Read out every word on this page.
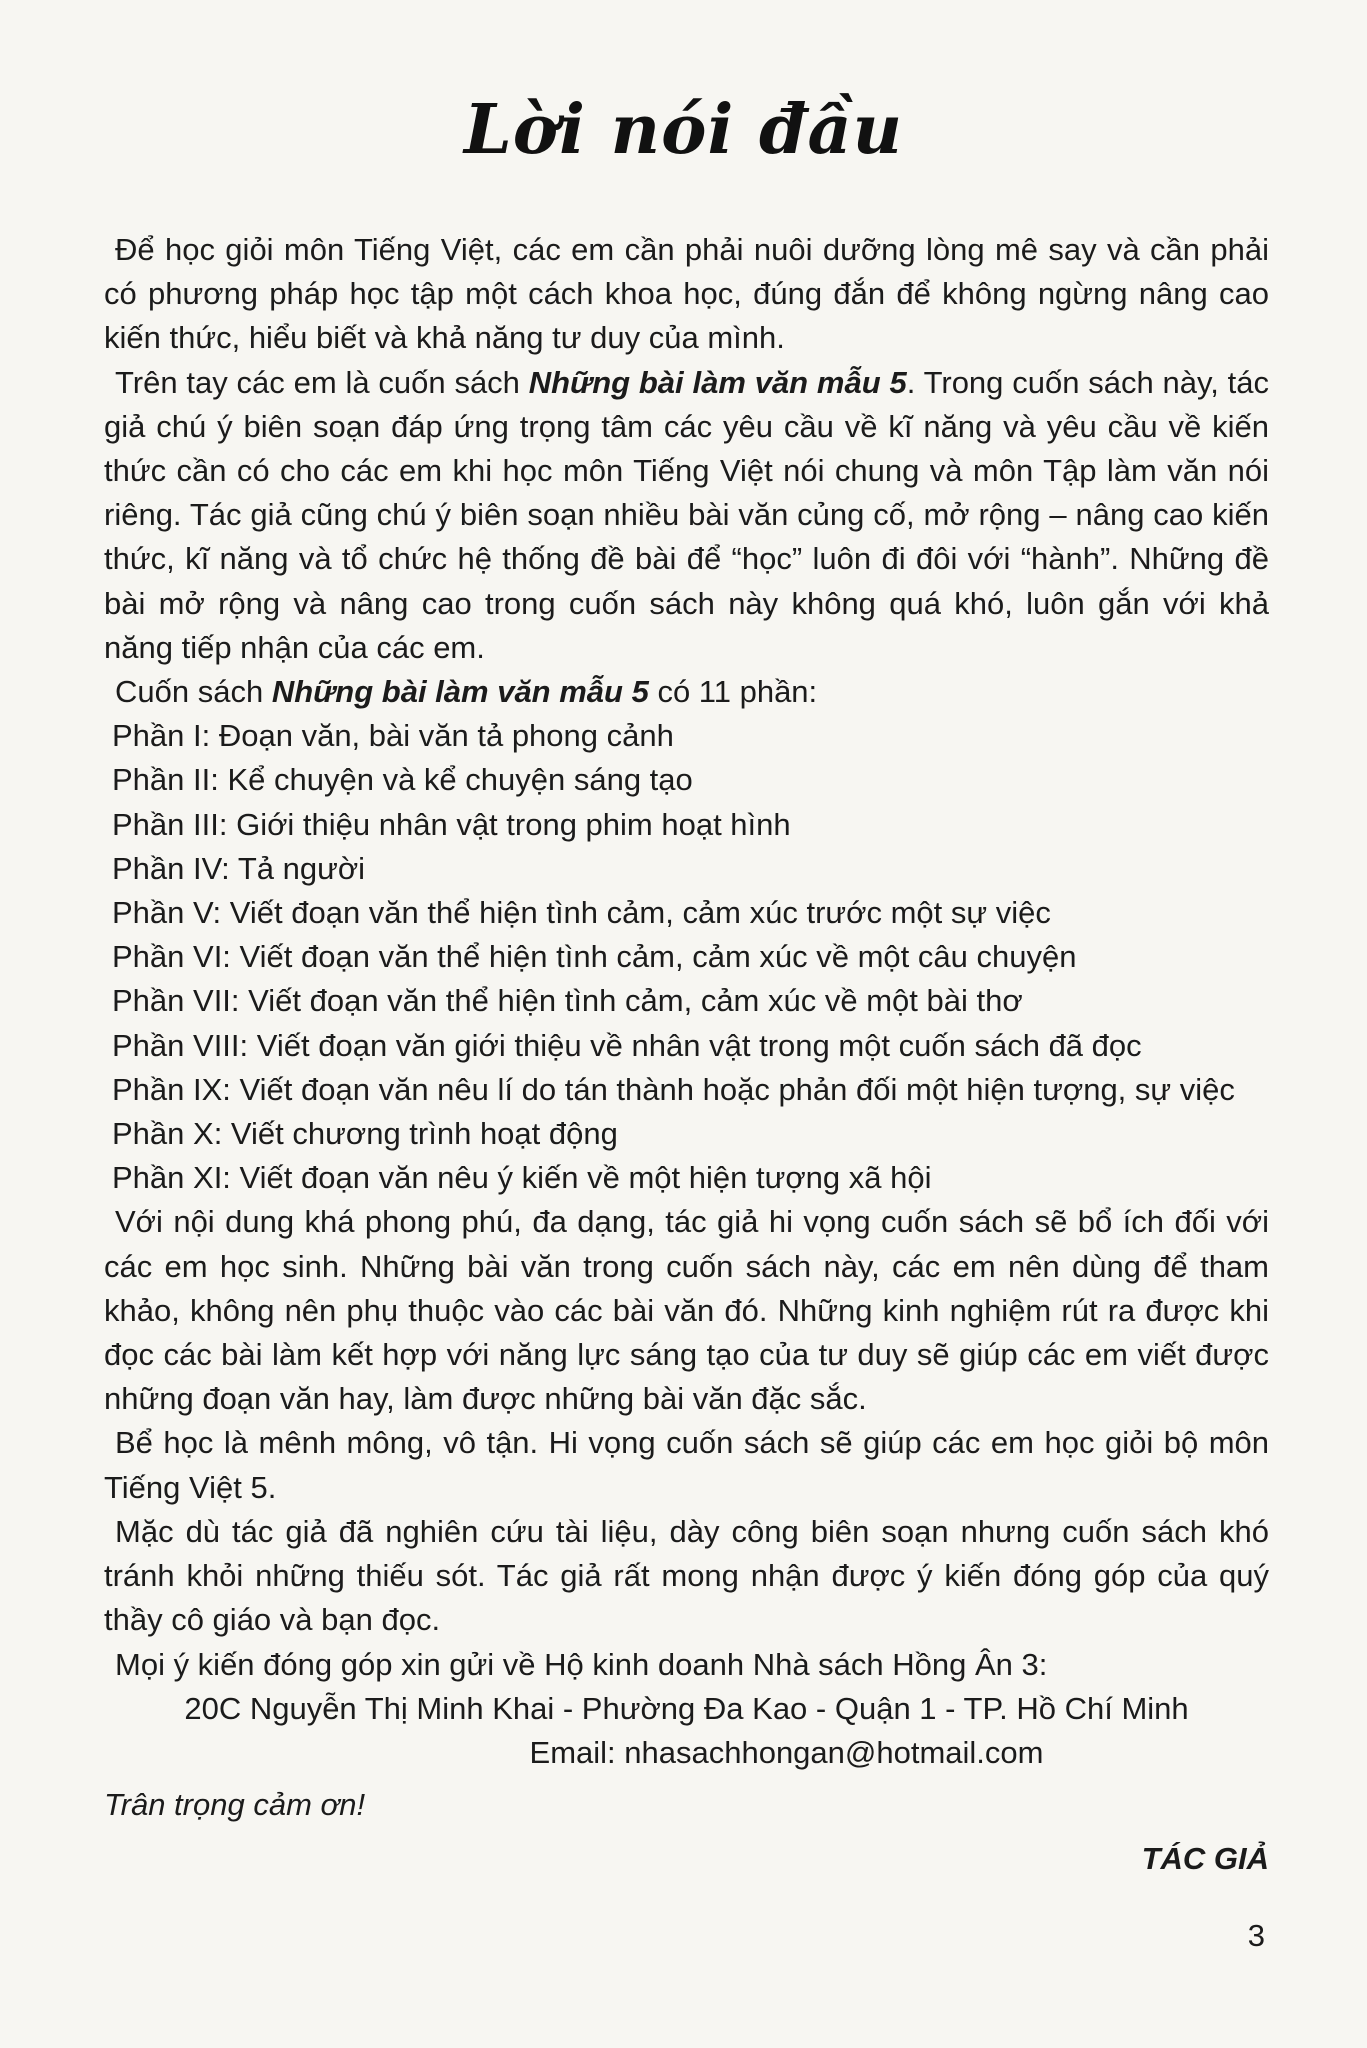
Lời nói đầu

Để học giỏi môn Tiếng Việt, các em cần phải nuôi dưỡng lòng mê say và cần phải có phương pháp học tập một cách khoa học, đúng đắn để không ngừng nâng cao kiến thức, hiểu biết và khả năng tư duy của mình.

Trên tay các em là cuốn sách Những bài làm văn mẫu 5. Trong cuốn sách này, tác giả chú ý biên soạn đáp ứng trọng tâm các yêu cầu về kĩ năng và yêu cầu về kiến thức cần có cho các em khi học môn Tiếng Việt nói chung và môn Tập làm văn nói riêng. Tác giả cũng chú ý biên soạn nhiều bài văn củng cố, mở rộng – nâng cao kiến thức, kĩ năng và tổ chức hệ thống đề bài để “học” luôn đi đôi với “hành”. Những đề bài mở rộng và nâng cao trong cuốn sách này không quá khó, luôn gắn với khả năng tiếp nhận của các em.

Cuốn sách Những bài làm văn mẫu 5 có 11 phần:

Phần I: Đoạn văn, bài văn tả phong cảnh

Phần II: Kể chuyện và kể chuyện sáng tạo

Phần III: Giới thiệu nhân vật trong phim hoạt hình

Phần IV: Tả người

Phần V: Viết đoạn văn thể hiện tình cảm, cảm xúc trước một sự việc

Phần VI: Viết đoạn văn thể hiện tình cảm, cảm xúc về một câu chuyện

Phần VII: Viết đoạn văn thể hiện tình cảm, cảm xúc về một bài thơ

Phần VIII: Viết đoạn văn giới thiệu về nhân vật trong một cuốn sách đã đọc

Phần IX: Viết đoạn văn nêu lí do tán thành hoặc phản đối một hiện tượng, sự việc

Phần X: Viết chương trình hoạt động

Phần XI: Viết đoạn văn nêu ý kiến về một hiện tượng xã hội

Với nội dung khá phong phú, đa dạng, tác giả hi vọng cuốn sách sẽ bổ ích đối với các em học sinh. Những bài văn trong cuốn sách này, các em nên dùng để tham khảo, không nên phụ thuộc vào các bài văn đó. Những kinh nghiệm rút ra được khi đọc các bài làm kết hợp với năng lực sáng tạo của tư duy sẽ giúp các em viết được những đoạn văn hay, làm được những bài văn đặc sắc.

Bể học là mênh mông, vô tận. Hi vọng cuốn sách sẽ giúp các em học giỏi bộ môn Tiếng Việt 5.

Mặc dù tác giả đã nghiên cứu tài liệu, dày công biên soạn nhưng cuốn sách khó tránh khỏi những thiếu sót. Tác giả rất mong nhận được ý kiến đóng góp của quý thầy cô giáo và bạn đọc.

Mọi ý kiến đóng góp xin gửi về Hộ kinh doanh Nhà sách Hồng Ân 3:

20C Nguyễn Thị Minh Khai - Phường Đa Kao - Quận 1 - TP. Hồ Chí Minh

Email: nhasachhongan@hotmail.com

Trân trọng cảm ơn!

TÁC GIẢ

3
